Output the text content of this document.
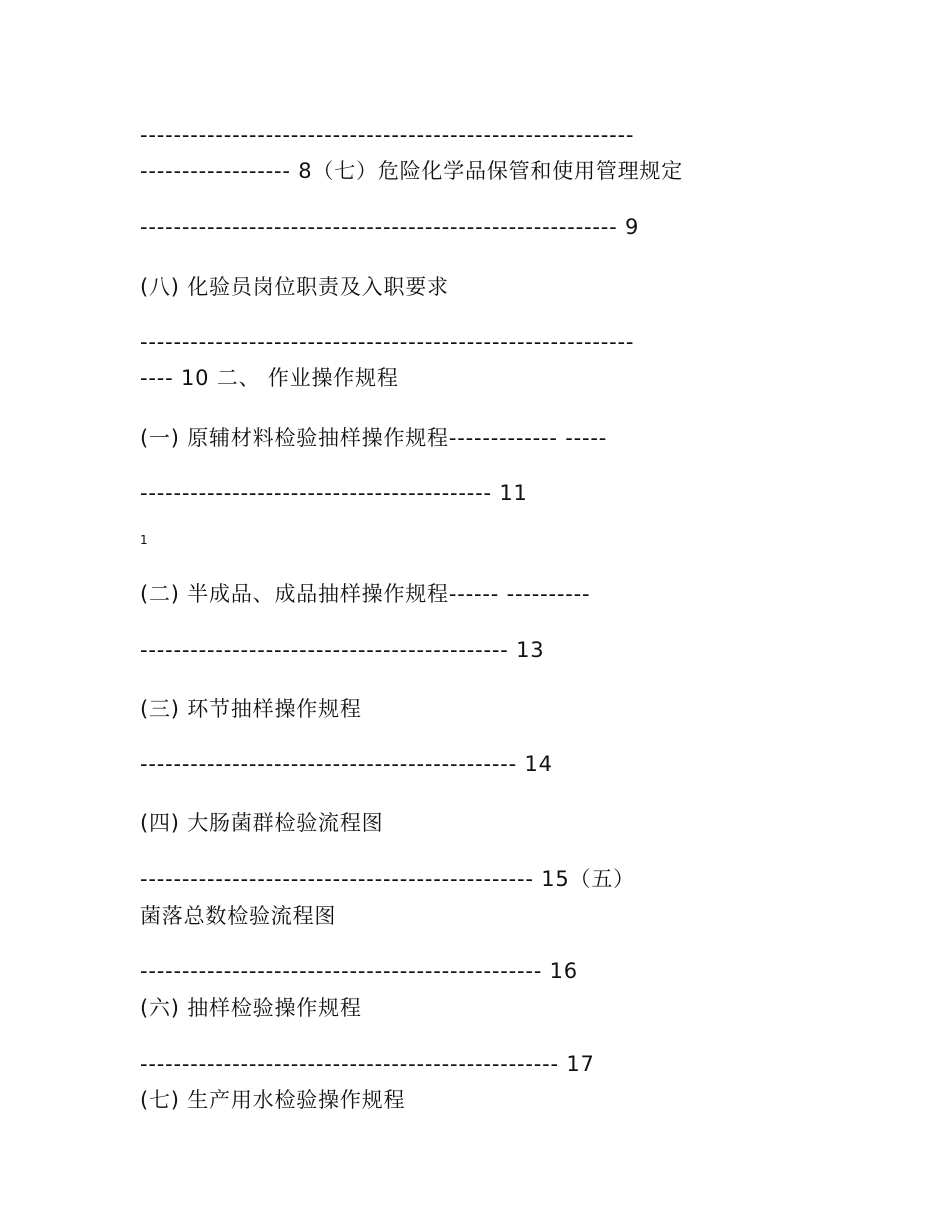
-----------------------------------------------------------
------------------ 8（七）危险化学品保管和使用管理规定
--------------------------------------------------------- 9
(八) 化验员岗位职责及入职要求
-----------------------------------------------------------
---- 10 二、 作业操作规程
(一) 原辅材料检验抽样操作规程------------- -----
------------------------------------------ 11
1
(二) 半成品、成品抽样操作规程------ ----------
-------------------------------------------- 13
(三) 环节抽样操作规程
--------------------------------------------- 14
(四) 大肠菌群检验流程图
----------------------------------------------- 15（五）
菌落总数检验流程图
------------------------------------------------ 16
(六) 抽样检验操作规程
-------------------------------------------------- 17
(七) 生产用水检验操作规程
